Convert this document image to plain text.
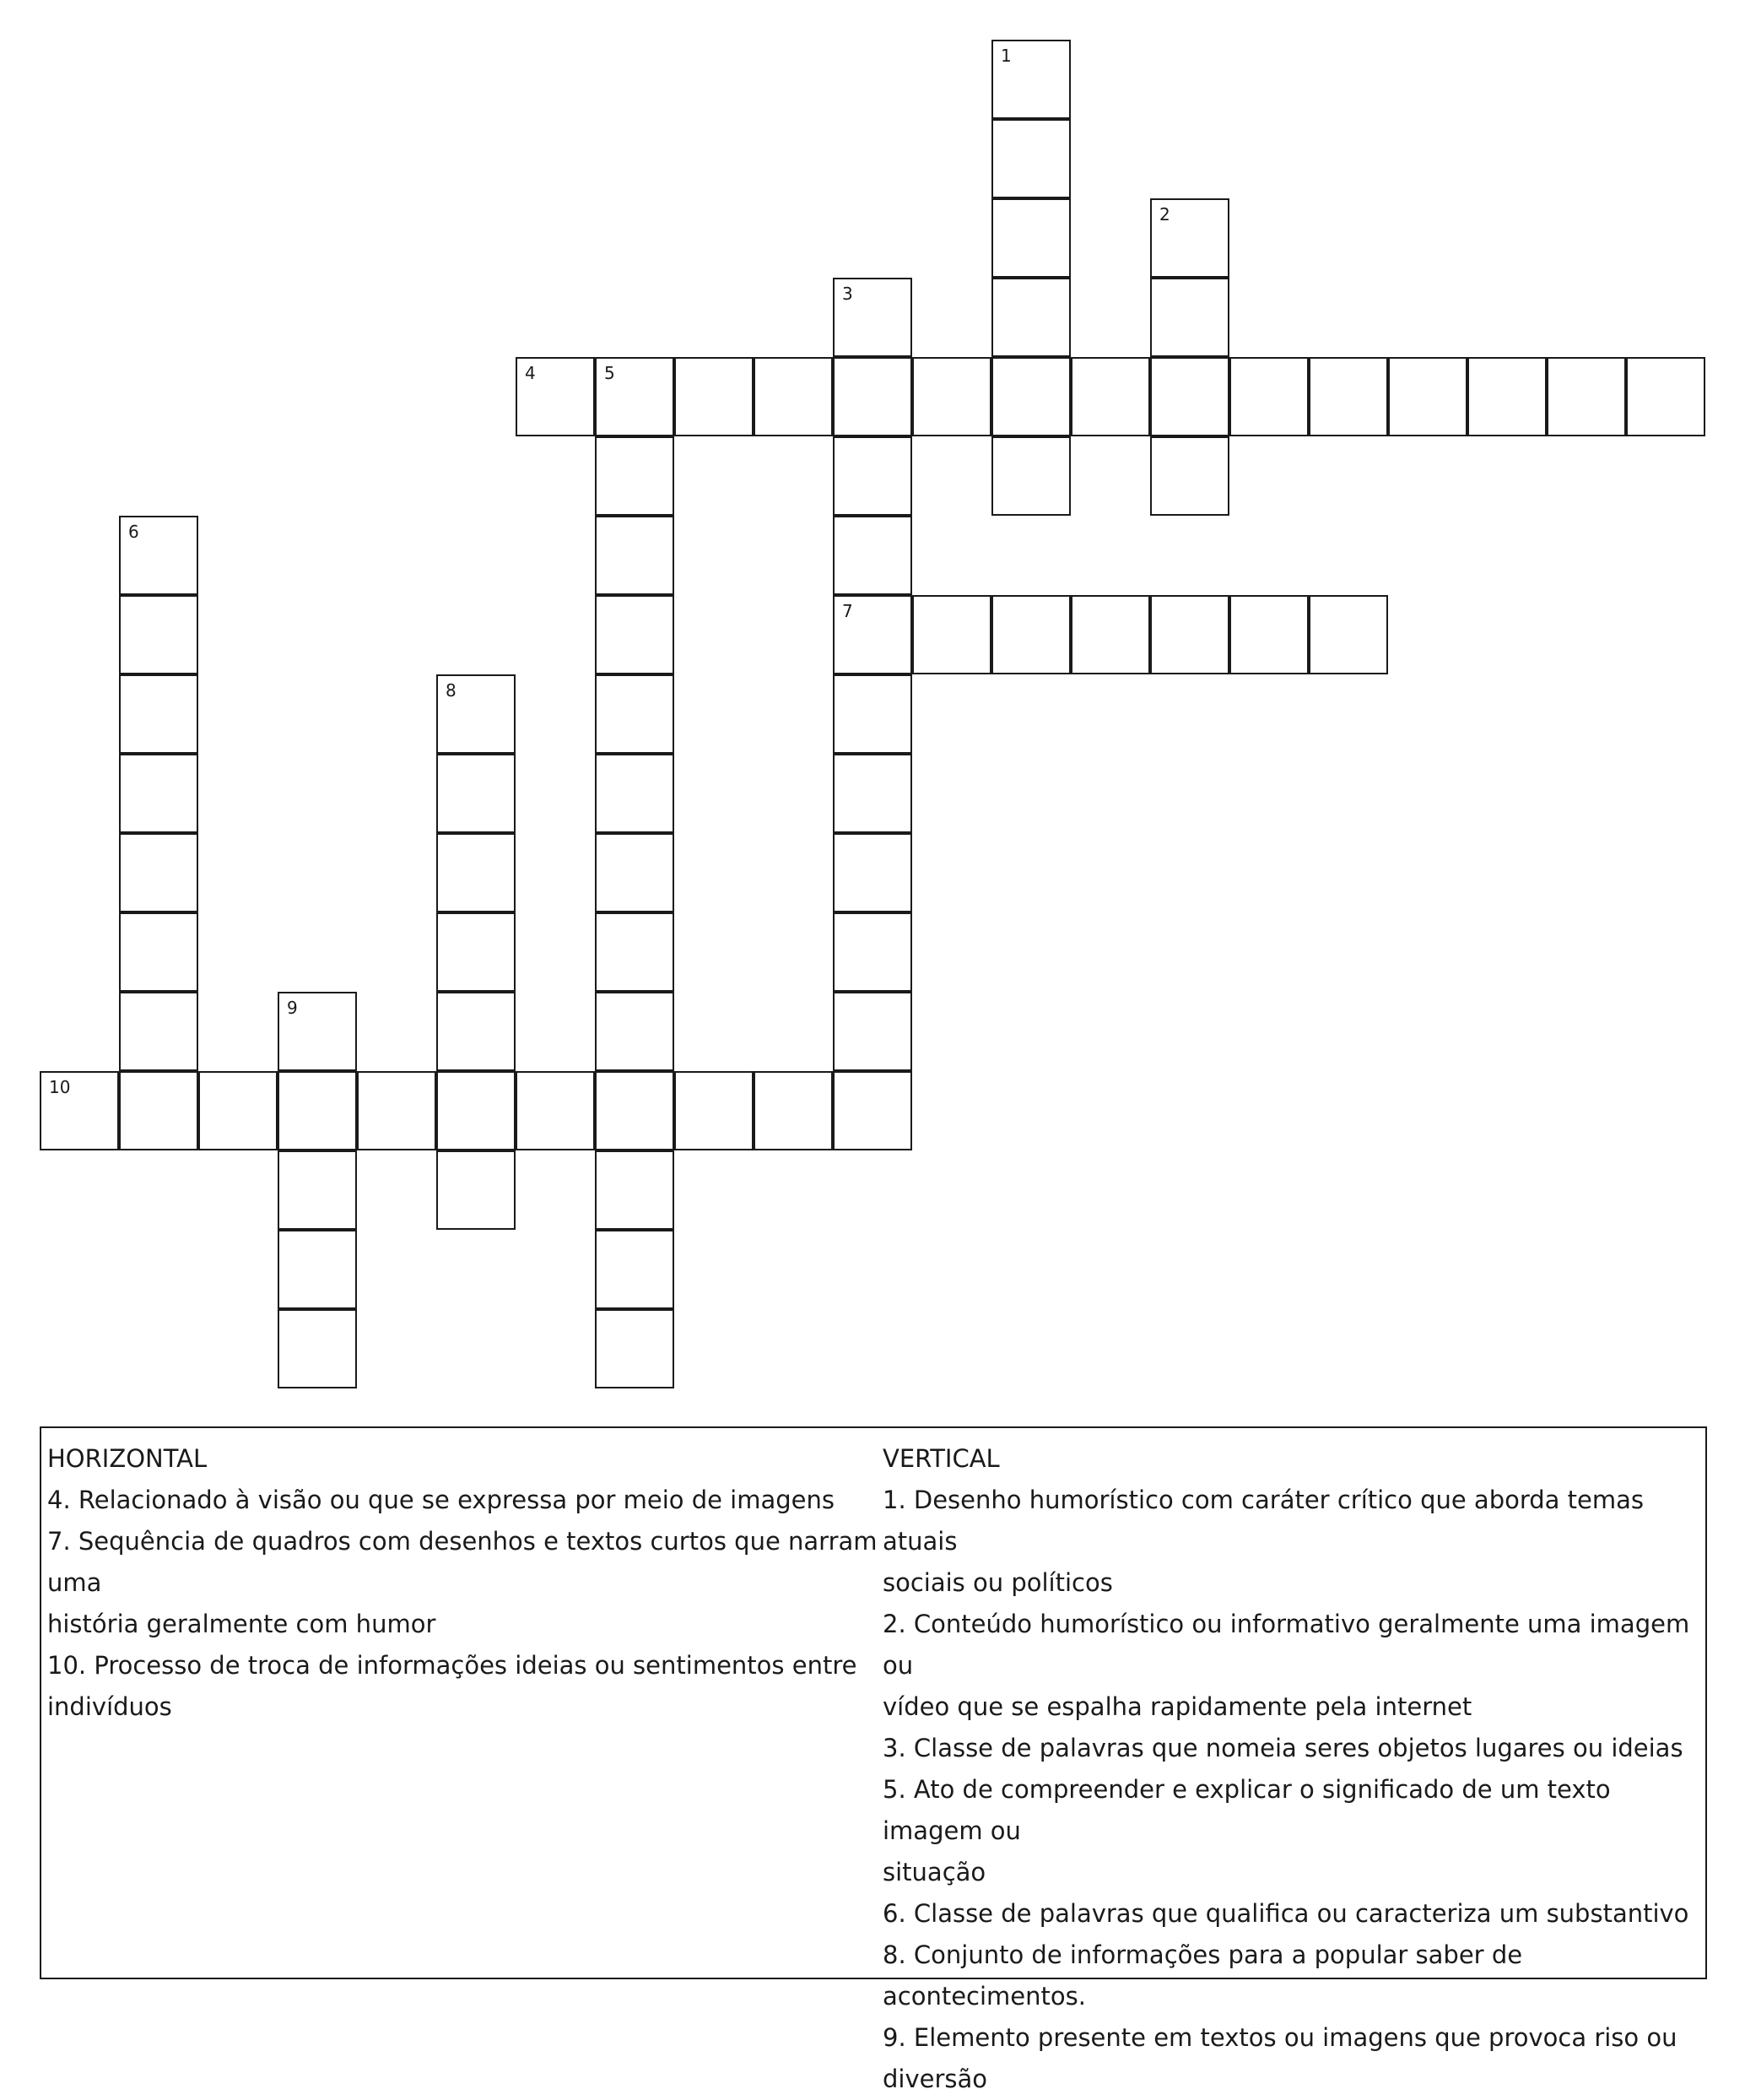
1
2
3
7
4	5
6
8
9
10
HORIZONTAL
4. Relacionado à visão ou que se expressa por meio de imagens
7. Sequência de quadros com desenhos e textos curtos que narram uma
história geralmente com humor
10. Processo de troca de informações ideias ou sentimentos entre
indivíduos
VERTICAL
1. Desenho humorístico com caráter crítico que aborda temas atuais
sociais ou políticos
2. Conteúdo humorístico ou informativo geralmente uma imagem ou
vídeo que se espalha rapidamente pela internet
3. Classe de palavras que nomeia seres objetos lugares ou ideias
5. Ato de compreender e explicar o significado de um texto imagem ou
situação
6. Classe de palavras que qualifica ou caracteriza um substantivo
8. Conjunto de informações para a popular saber de acontecimentos.
9. Elemento presente em textos ou imagens que provoca riso ou
diversão
